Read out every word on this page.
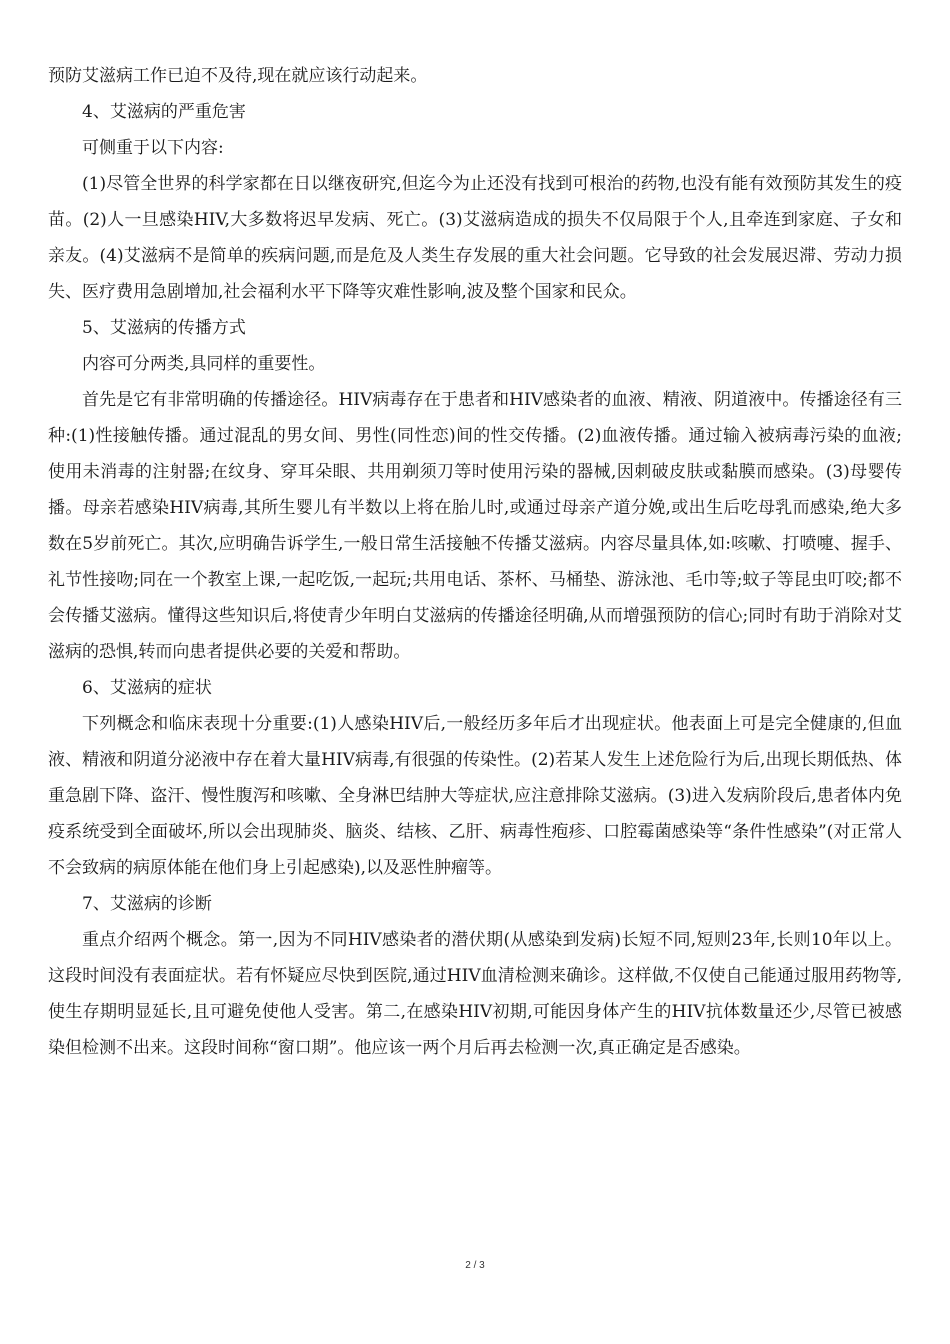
预防艾滋病工作已迫不及待,现在就应该行动起来。

4、艾滋病的严重危害

可侧重于以下内容:

(1)尽管全世界的科学家都在日以继夜研究,但迄今为止还没有找到可根治的药物,也没有能有效预防其发生的疫苗。(2)人一旦感染HIV,大多数将迟早发病、死亡。(3)艾滋病造成的损失不仅局限于个人,且牵连到家庭、子女和亲友。(4)艾滋病不是简单的疾病问题,而是危及人类生存发展的重大社会问题。它导致的社会发展迟滞、劳动力损失、医疗费用急剧增加,社会福利水平下降等灾难性影响,波及整个国家和民众。

5、艾滋病的传播方式

内容可分两类,具同样的重要性。

首先是它有非常明确的传播途径。HIV病毒存在于患者和HIV感染者的血液、精液、阴道液中。传播途径有三种:(1)性接触传播。通过混乱的男女间、男性(同性恋)间的性交传播。(2)血液传播。通过输入被病毒污染的血液;使用未消毒的注射器;在纹身、穿耳朵眼、共用剃须刀等时使用污染的器械,因刺破皮肤或黏膜而感染。(3)母婴传播。母亲若感染HIV病毒,其所生婴儿有半数以上将在胎儿时,或通过母亲产道分娩,或出生后吃母乳而感染,绝大多数在5岁前死亡。其次,应明确告诉学生,一般日常生活接触不传播艾滋病。内容尽量具体,如:咳嗽、打喷嚏、握手、礼节性接吻;同在一个教室上课,一起吃饭,一起玩;共用电话、茶杯、马桶垫、游泳池、毛巾等;蚊子等昆虫叮咬;都不会传播艾滋病。懂得这些知识后,将使青少年明白艾滋病的传播途径明确,从而增强预防的信心;同时有助于消除对艾滋病的恐惧,转而向患者提供必要的关爱和帮助。

6、艾滋病的症状

下列概念和临床表现十分重要:(1)人感染HIV后,一般经历多年后才出现症状。他表面上可是完全健康的,但血液、精液和阴道分泌液中存在着大量HIV病毒,有很强的传染性。(2)若某人发生上述危险行为后,出现长期低热、体重急剧下降、盗汗、慢性腹泻和咳嗽、全身淋巴结肿大等症状,应注意排除艾滋病。(3)进入发病阶段后,患者体内免疫系统受到全面破坏,所以会出现肺炎、脑炎、结核、乙肝、病毒性疱疹、口腔霉菌感染等“条件性感染”(对正常人不会致病的病原体能在他们身上引起感染),以及恶性肿瘤等。

7、艾滋病的诊断

重点介绍两个概念。第一,因为不同HIV感染者的潜伏期(从感染到发病)长短不同,短则23年,长则10年以上。这段时间没有表面症状。若有怀疑应尽快到医院,通过HIV血清检测来确诊。这样做,不仅使自己能通过服用药物等,使生存期明显延长,且可避免使他人受害。第二,在感染HIV初期,可能因身体产生的HIV抗体数量还少,尽管已被感染但检测不出来。这段时间称“窗口期”。他应该一两个月后再去检测一次,真正确定是否感染。

2 / 3
